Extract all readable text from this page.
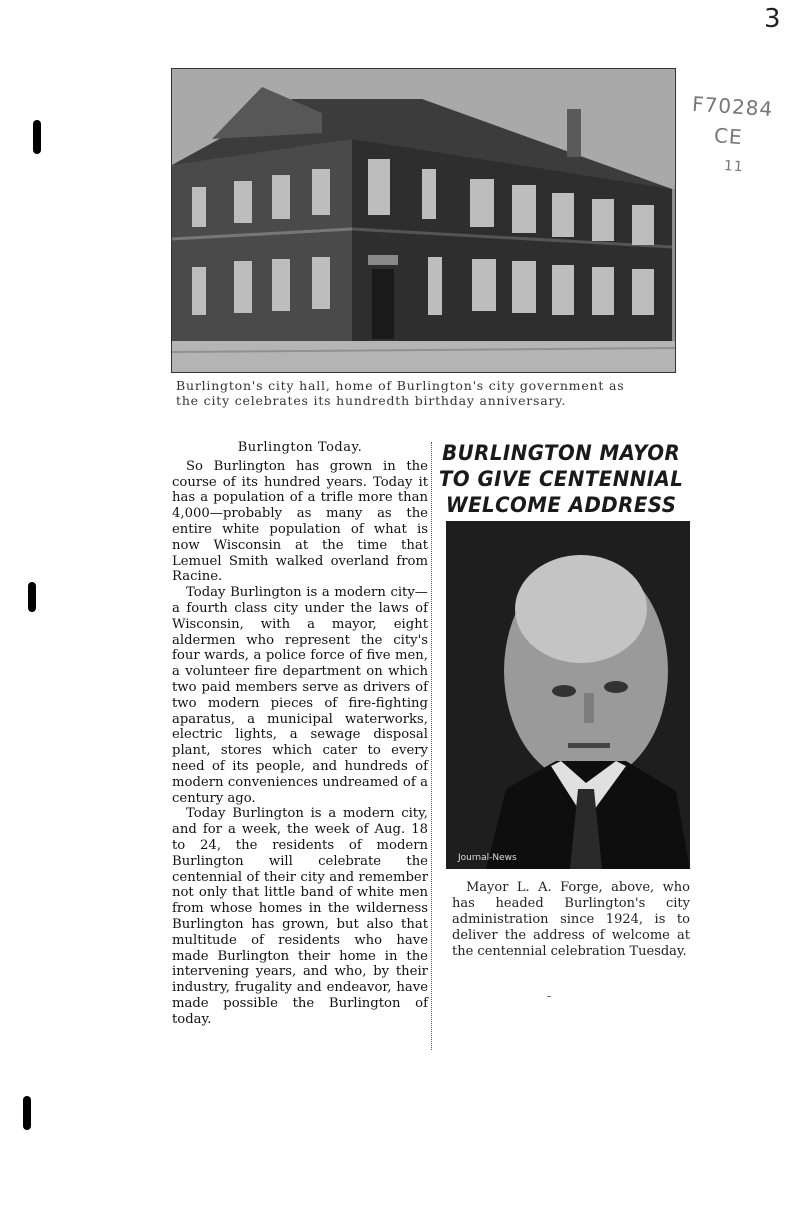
3
F70284
CE
11

Burlington's city hall, home of Burlington's city government as

the city celebrates its hundredth birthday anniversary.

Burlington Today.

So Burlington has grown in the course of its hundred years. Today it has a population of a trifle more than 4,000—probably as many as the entire white population of what is now Wisconsin at the time that Lemuel Smith walked overland from Racine.

Today Burlington is a modern city—a fourth class city under the laws of Wisconsin, with a mayor, eight aldermen who represent the city's four wards, a police force of five men, a volunteer fire department on which two paid members serve as drivers of two modern pieces of fire-fighting aparatus, a municipal waterworks, electric lights, a sewage disposal plant, stores which cater to every need of its people, and hundreds of modern conveniences undreamed of a century ago.

Today Burlington is a modern city, and for a week, the week of Aug. 18 to 24, the residents of modern Burlington will celebrate the centennial of their city and remember not only that little band of white men from whose homes in the wilderness Burlington has grown, but also that multitude of residents who have made Burlington their home in the intervening years, and who, by their industry, frugality and endeavor, have made possible the Burlington of today.

BURLINGTON MAYOR
TO GIVE CENTENNIAL
WELCOME ADDRESS
Journal-News

Mayor L. A. Forge, above, who has headed Burlington's city administration since 1924, is to deliver the address of welcome at the centennial celebration Tuesday.
